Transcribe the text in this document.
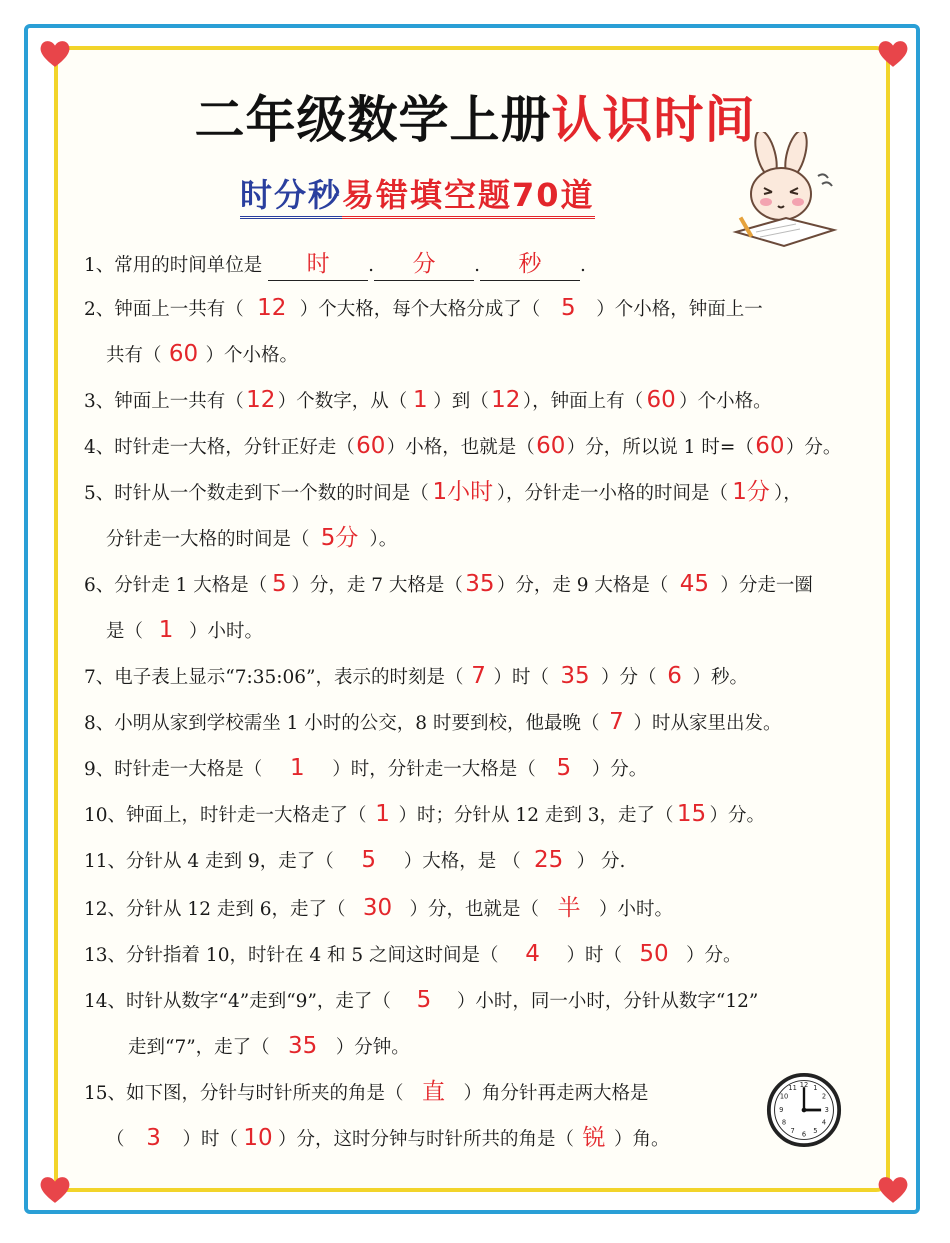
二年级数学上册认识时间
时分秒易错填空题70道
1、常用的时间单位是 时 . 分 . 秒 .
2、钟面上一共有（ 12 ）个大格，每个大格分成了（ 5 ）个小格，钟面上一
共有（ 60 ）个小格。
3、钟面上一共有（ 12 ）个数字，从（ 1 ）到（ 12 ），钟面上有（ 60 ）个小格。
4、时针走一大格，分针正好走（60）小格，也就是（60）分，所以说 1 时=（60）分。
5、时针从一个数走到下一个数的时间是（ 1小时 ），分针走一小格的时间是（ 1分 ），
分针走一大格的时间是（ 5分 ）。
6、分针走 1 大格是（ 5 ）分，走 7 大格是（ 35 ）分，走 9 大格是（ 45 ）分走一圈
是（ 1 ）小时。
7、电子表上显示“7:35:06”，表示的时刻是（ 7 ）时（ 35 ）分（ 6 ）秒。
8、小明从家到学校需坐 1 小时的公交，8 时要到校，他最晚（ 7 ）时从家里出发。
9、时针走一大格是（ 1 ）时，分针走一大格是（ 5 ）分。
10、钟面上，时针走一大格走了（ 1 ）时；分针从 12 走到 3，走了（ 15 ）分。
11、分针从 4 走到 9，走了（ 5 ）大格，是 （ 25 ） 分.
12、分针从 12 走到 6，走了（ 30 ）分，也就是（ 半 ）小时。
13、分针指着 10，时针在 4 和 5 之间这时间是（ 4 ）时（ 50 ）分。
14、时针从数字“4”走到“9”，走了（ 5 ）小时，同一小时，分针从数字“12”
走到“7”，走了（ 35 ）分钟。
15、如下图，分针与时针所夹的角是（ 直 ）角分针再走两大格是
（ 3 ）时（ 10 ）分，这时分钟与时针所共的角是（ 锐 ）角。
12 1
2
3
4
5
6
7
8
9
10
11
